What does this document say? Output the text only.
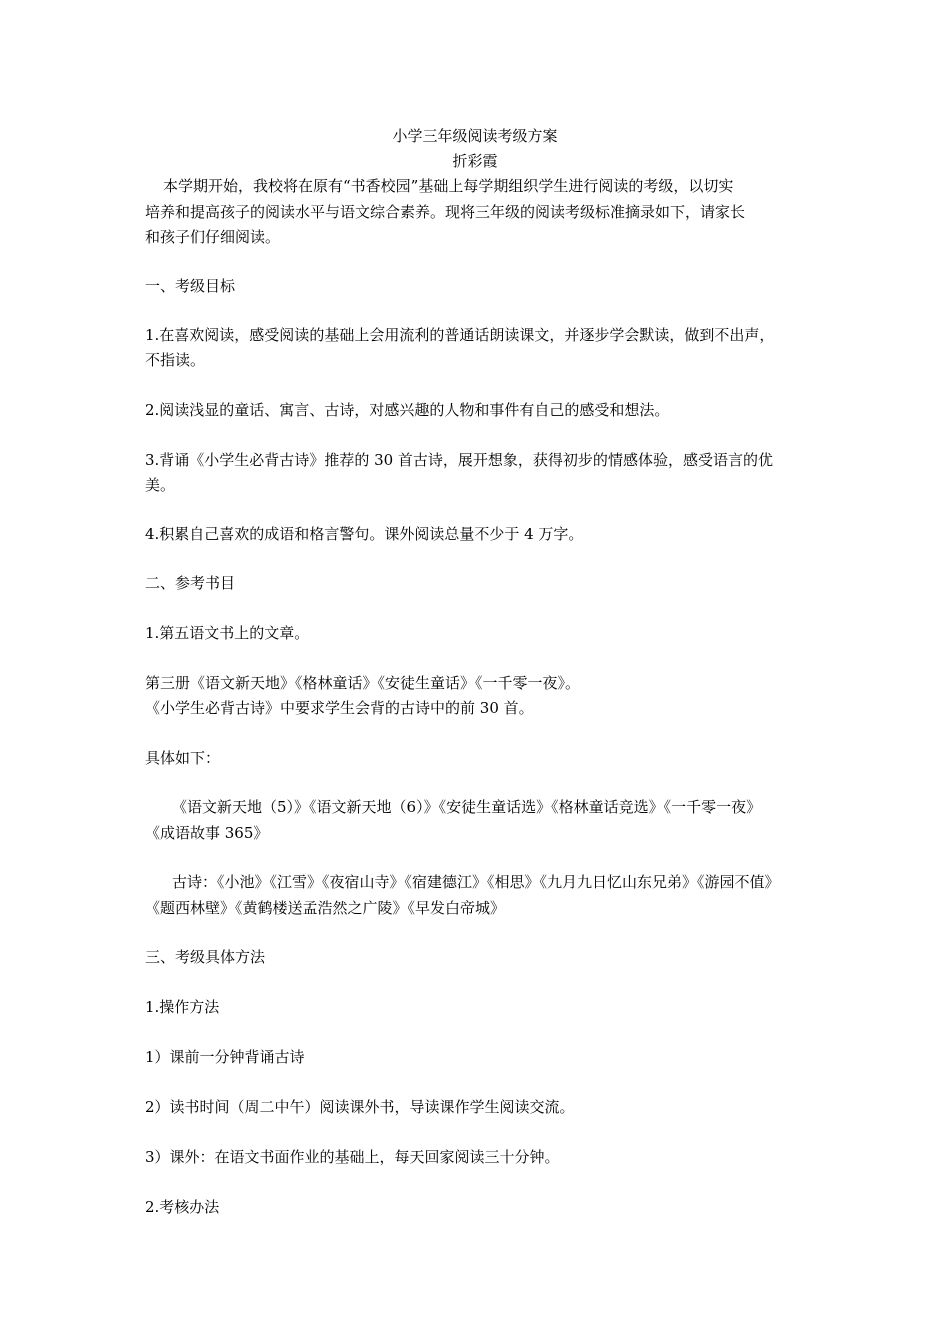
小学三年级阅读考级方案
折彩霞
本学期开始，我校将在原有“书香校园”基础上每学期组织学生进行阅读的考级，以切实
培养和提高孩子的阅读水平与语文综合素养。现将三年级的阅读考级标准摘录如下，请家长
和孩子们仔细阅读。
一、考级目标
1.在喜欢阅读，感受阅读的基础上会用流利的普通话朗读课文，并逐步学会默读，做到不出声，
不指读。
2.阅读浅显的童话、寓言、古诗，对感兴趣的人物和事件有自己的感受和想法。
3.背诵《小学生必背古诗》推荐的 30 首古诗，展开想象，获得初步的情感体验，感受语言的优
美。
4.积累自己喜欢的成语和格言警句。课外阅读总量不少于 4 万字。
二、参考书目
1.第五语文书上的文章。
第三册《语文新天地》《格林童话》《安徒生童话》《一千零一夜》。
《小学生必背古诗》中要求学生会背的古诗中的前 30 首。
具体如下：
《语文新天地（5）》《语文新天地（6）》《安徒生童话选》《格林童话竞选》《一千零一夜》
《成语故事 365》
古诗：《小池》《江雪》《夜宿山寺》《宿建德江》《相思》《九月九日忆山东兄弟》《游园不值》
《题西林壁》《黄鹤楼送孟浩然之广陵》《早发白帝城》
三、考级具体方法
1.操作方法
1）课前一分钟背诵古诗
2）读书时间（周二中午）阅读课外书，导读课作学生阅读交流。
3）课外：在语文书面作业的基础上，每天回家阅读三十分钟。
2.考核办法
